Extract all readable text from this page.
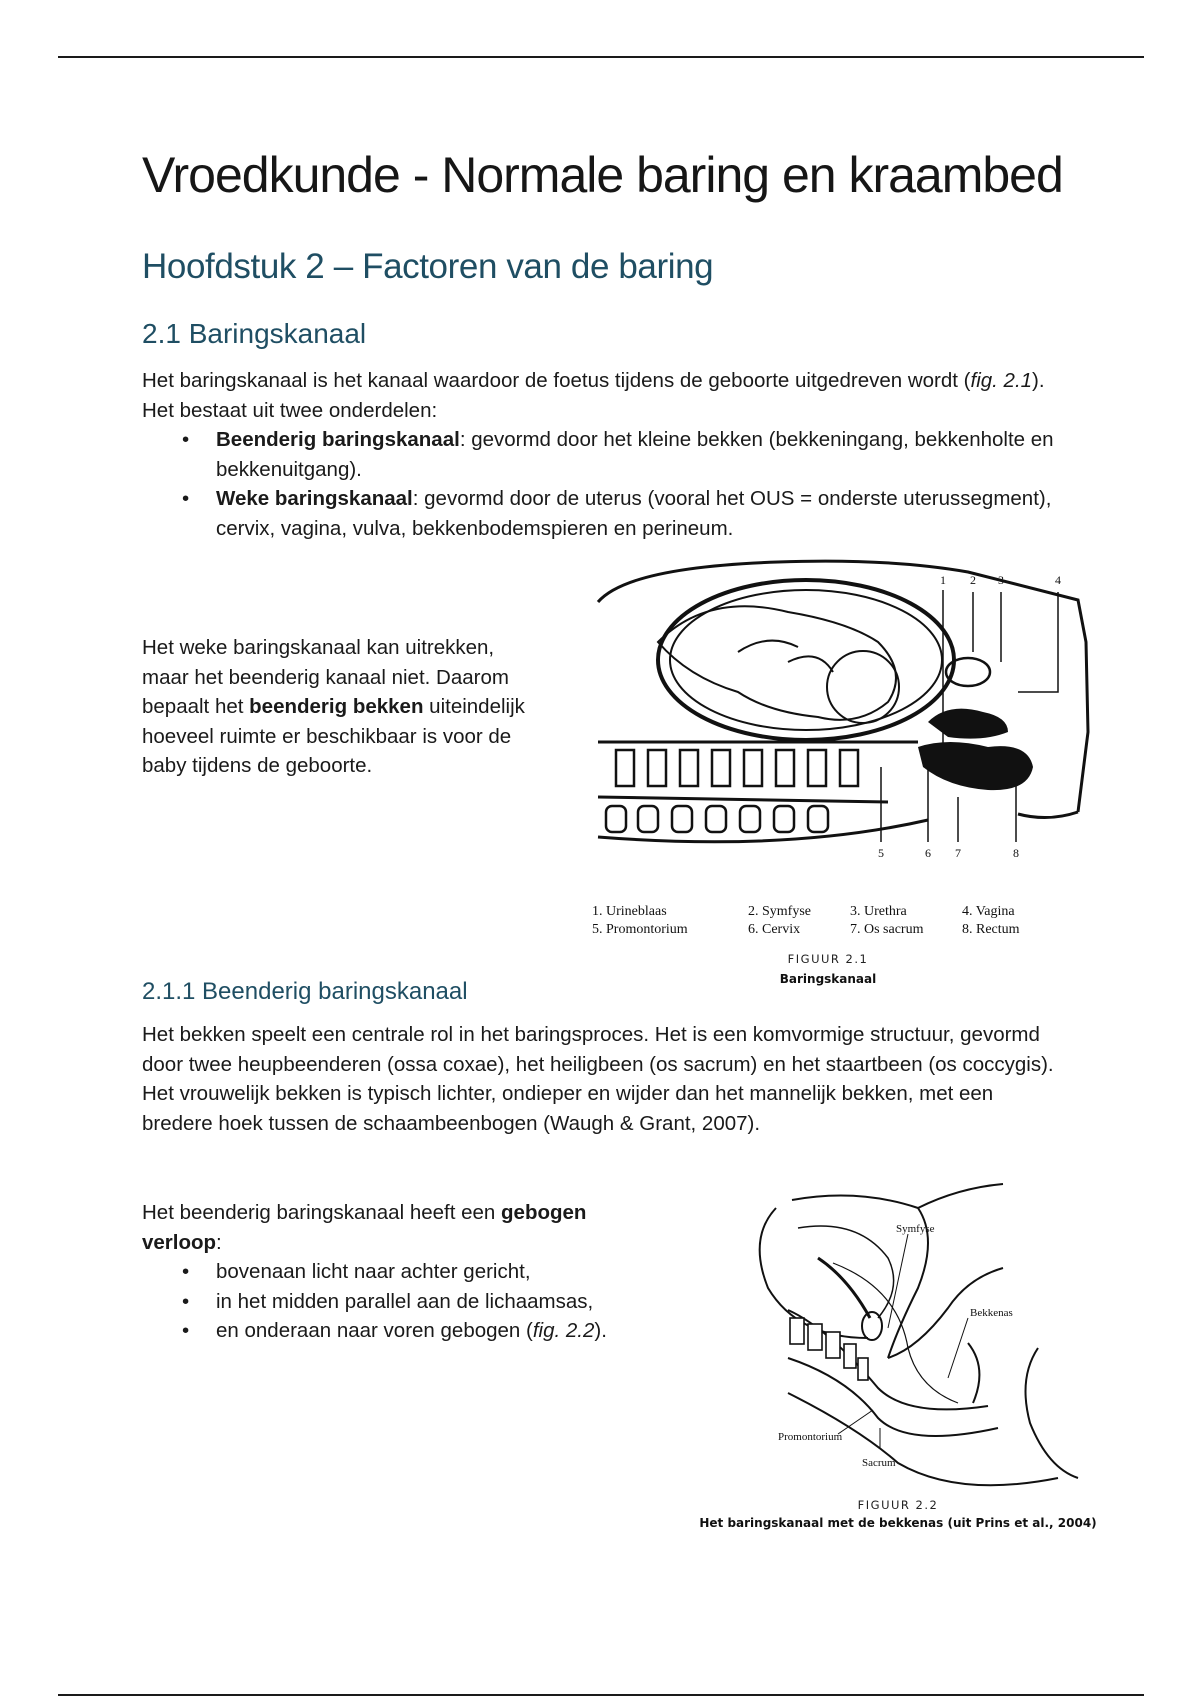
Vroedkunde - Normale baring en kraambed
Hoofdstuk 2 – Factoren van de baring
2.1 Baringskanaal

Het baringskanaal is het kanaal waardoor de foetus tijdens de geboorte uitgedreven wordt (fig. 2.1). Het bestaat uit twee onderdelen:

• Beenderig baringskanaal: gevormd door het kleine bekken (bekkeningang, bekkenholte en bekkenuitgang).
• Weke baringskanaal: gevormd door de uterus (vooral het OUS = onderste uterussegment), cervix, vagina, vulva, bekkenbodemspieren en perineum.

Het weke baringskanaal kan uitrekken, maar het beenderig kanaal niet. Daarom bepaalt het beenderig bekken uiteindelijk hoeveel ruimte er beschikbaar is voor de baby tijdens de geboorte.

1 2 3	4
5	6 7	8
1. Urineblaas	2. Symfyse	3. Urethra	4. Vagina
5. Promontorium	6. Cervix	7. Os sacrum	8. Rectum
FIGUUR 2.1
Baringskanaal
2.1.1 Beenderig baringskanaal

Het bekken speelt een centrale rol in het baringsproces. Het is een komvormige structuur, gevormd door twee heupbeenderen (ossa coxae), het heiligbeen (os sacrum) en het staartbeen (os coccygis). Het vrouwelijk bekken is typisch lichter, ondieper en wijder dan het mannelijk bekken, met een bredere hoek tussen de schaambeenbogen (Waugh & Grant, 2007).

Het beenderig baringskanaal heeft een gebogen verloop:

• bovenaan licht naar achter gericht,
• in het midden parallel aan de lichaamsas,
• en onderaan naar voren gebogen (fig. 2.2).
Symfyse
Bekkenas
Promontorium
Sacrum
FIGUUR 2.2
Het baringskanaal met de bekkenas (uit Prins et al., 2004)
